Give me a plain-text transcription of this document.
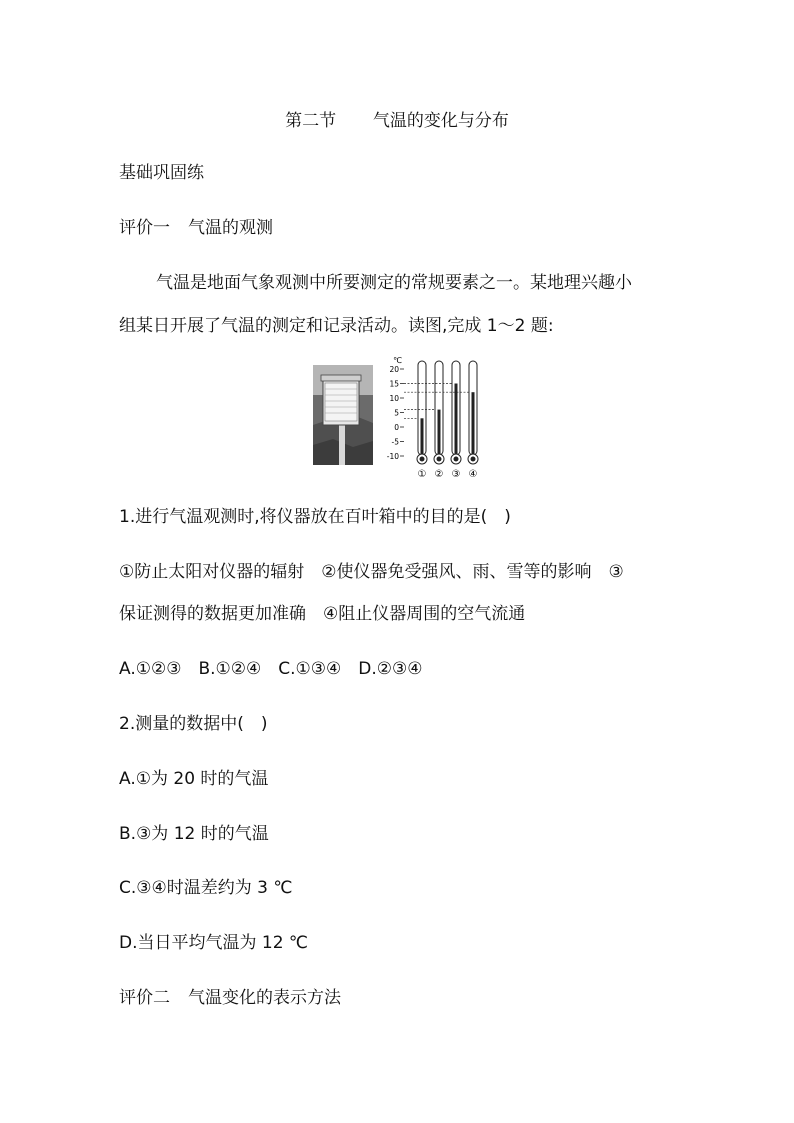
第二节 气温的变化与分布
基础巩固练
评价一 气温的观测
气温是地面气象观测中所要测定的常规要素之一。某地理兴趣小
组某日开展了气温的测定和记录活动。读图,完成 1～2 题:
℃
20
15
10
5
0
-5
-10
① ② ③ ④
1.进行气温观测时,将仪器放在百叶箱中的目的是(　)
①防止太阳对仪器的辐射　②使仪器免受强风、雨、雪等的影响　③
保证测得的数据更加准确　④阻止仪器周围的空气流通
A.①②③　B.①②④　C.①③④　D.②③④
2.测量的数据中(　)
A.①为 20 时的气温
B.③为 12 时的气温
C.③④时温差约为 3 ℃
D.当日平均气温为 12 ℃
评价二 气温变化的表示方法
